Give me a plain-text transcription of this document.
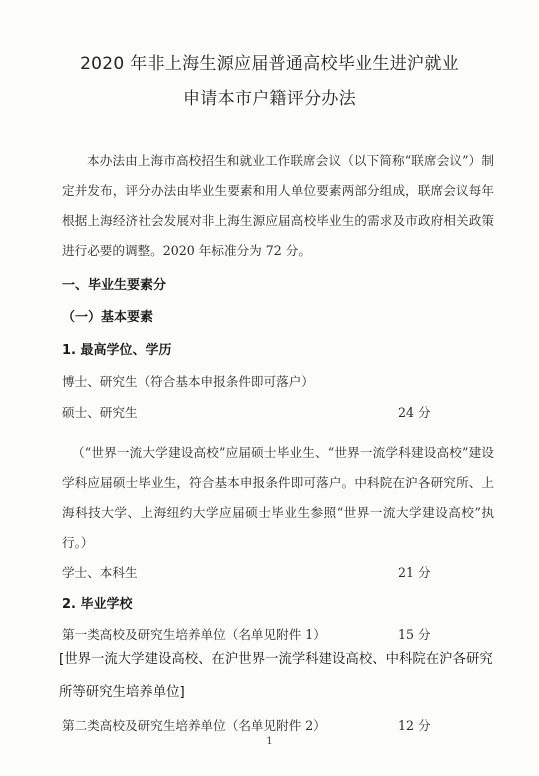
2020 年非上海生源应届普通高校毕业生进沪就业
申请本市户籍评分办法
本办法由上海市高校招生和就业工作联席会议（以下简称“联席会议”）制定并发布，评分办法由毕业生要素和用人单位要素两部分组成，联席会议每年根据上海经济社会发展对非上海生源应届高校毕业生的需求及市政府相关政策进行必要的调整。2020 年标准分为 72 分。
一、毕业生要素分
（一）基本要素
1. 最高学位、学历
博士、研究生（符合基本申报条件即可落户）
硕士、研究生	24 分
（“世界一流大学建设高校”应届硕士毕业生、“世界一流学科建设高校”建设学科应届硕士毕业生，符合基本申报条件即可落户。中科院在沪各研究所、上海科技大学、上海纽约大学应届硕士毕业生参照“世界一流大学建设高校”执行。）
学士、本科生	21 分
2. 毕业学校
第一类高校及研究生培养单位（名单见附件 1）	15 分
[世界一流大学建设高校、在沪世界一流学科建设高校、中科院在沪各研究所等研究生培养单位]
第二类高校及研究生培养单位（名单见附件 2）	12 分
1
